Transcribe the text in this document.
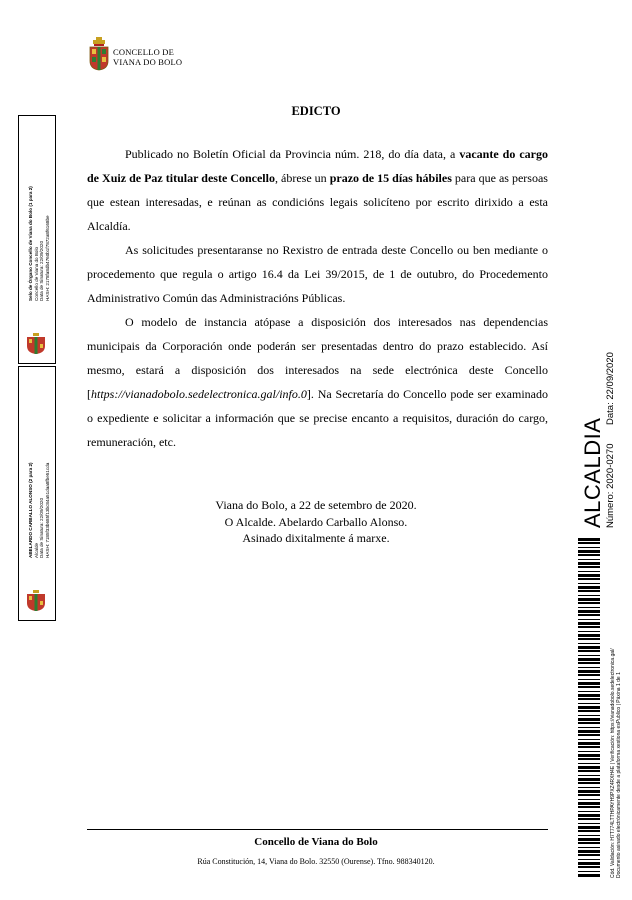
CONCELLO DE
VIANA DO BOLO
EDICTO
Publicado no Boletín Oficial da Provincia núm. 218, do día data, a vacante do cargo de Xuiz de Paz titular deste Concello, ábrese un prazo de 15 días hábiles para que as persoas que estean interesadas, e reúnan as condicións legais solicíteno por escrito dirixido a esta Alcaldía.
As solicitudes presentaranse no Rexistro de entrada deste Concello ou ben mediante o procedemento que regula o artigo 16.4 da Lei 39/2015, de 1 de outubro, do Procedemento Administrativo Común das Administracións Públicas.
O modelo de instancia atópase a disposición dos interesados nas dependencias municipais da Corporación onde poderán ser presentadas dentro do prazo establecido. Así mesmo, estará a disposición dos interesados na sede electrónica deste Concello [https://vianadobolo.sedelectronica.gal/info.0]. Na Secretaría do Concello pode ser examinado o expediente e solicitar a información que se precise encanto a requisitos, duración do cargo, remuneración, etc.
Viana do Bolo, a 22 de setembro de 2020.
O Alcalde. Abelardo Carballo Alonso.
Asinado dixitalmente á marxe.
Concello de Viana do Bolo
Rúa Constitución, 14, Viana do Bolo. 32550 (Ourense). Tfno. 988340120.
Selo de Órgano Concello de Viana do Bolo (1 para 2) Concello de Viana do Bolo Data de Sinatura: 22/09/2020 HASH: 2178fa8db4760b1f7872a8f6168be
ABELARDO CARBALLO ALONSO (2 para 2) Alcalde Data de Sinatura: 22/09/2020 HASH: 7185f33b685f13bc84a51daa8fbe51cda	ALCALDIA Número: 2020-0270
Data: 22/09/2020
Cód. Validación: H7T774LTTHPAYH9PXZ4RXH4E | Verificación: https://vianadobolo.sedelectronica.gal/ Documento asinado electrónicamente desde a plataforma xestiona esPublico | Páxina 1 de 1
